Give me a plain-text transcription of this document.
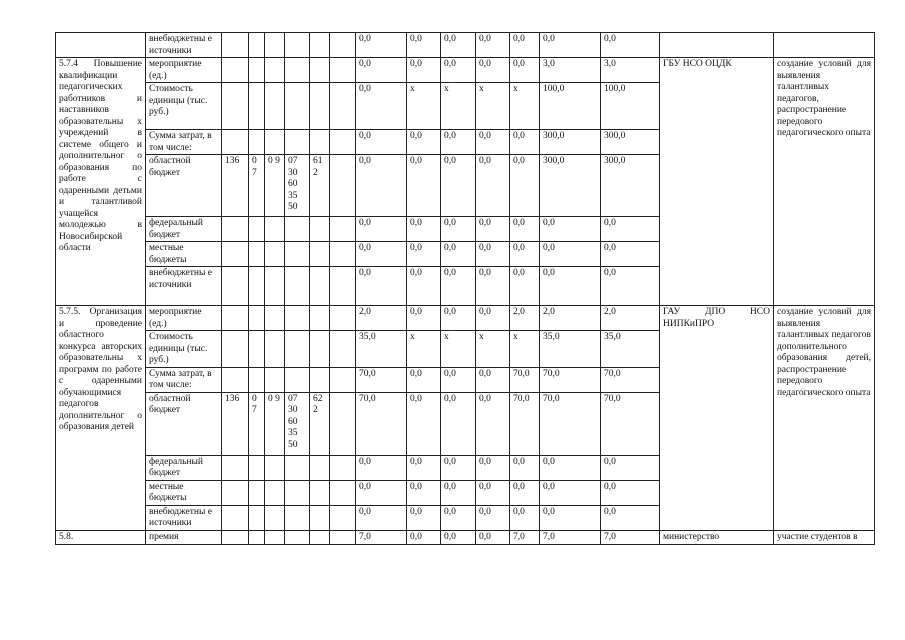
	внебюджетны е источники							0,0	0,0	0,0	0,0	0,0	0,0	0,0		
5.7.4 Повышение квалификации педагогических работников и наставников образовательны х учреждений в системе общего и дополнительног о образования по работе с одаренными детьми и талантливой учащейся молодежью в Новосибирской области	мероприятие (ед.)							0,0	0,0	0,0	0,0	0,0	3,0	3,0	ГБУ НСО ОЦДК	создание условий для выявления талантливых педагогов, распространение передового педагогического опыта
	Стоимость единицы (тыс. руб.)							0,0	х	х	х	х	100,0	100,0		
	Сумма затрат, в том числе:							0,0	0,0	0,0	0,0	0,0	300,0	300,0		
	областной бюджет	136	0 7	0 9	07 30 60 35 50	61 2		0,0	0,0	0,0	0,0	0,0	300,0	300,0		
	федеральный бюджет							0,0	0,0	0,0	0,0	0,0	0,0	0,0		
	местные бюджеты							0,0	0,0	0,0	0,0	0,0	0,0	0,0		
	внебюджетны е источники							0,0	0,0	0,0	0,0	0,0	0,0	0,0		
5.7.5. Организация и проведение областного конкурса авторских образовательны х программ по работе с одаренными обучающимися педагогов дополнительног о образования детей	мероприятие (ед.)							2,0	0,0	0,0	0,0	2,0	2,0	2,0	ГАУ ДПО НСО НИПКиПРО	создание условий для выявления талантливых педагогов дополнительного образования детей, распространение передового педагогического опыта
	Стоимость единицы (тыс. руб.)							35,0	х	х	х	х	35,0	35,0		
	Сумма затрат, в том числе:							70,0	0,0	0,0	0,0	70,0	70,0	70,0		
	областной бюджет	136	0 7	0 9	07 30 60 35 50	62 2		70,0	0,0	0,0	0,0	70,0	70,0	70,0		
	федеральный бюджет							0,0	0,0	0,0	0,0	0,0	0,0	0,0		
	местные бюджеты							0,0	0,0	0,0	0,0	0,0	0,0	0,0		
	внебюджетны е источники							0,0	0,0	0,0	0,0	0,0	0,0	0,0		
5.8.	премия							7,0	0,0	0,0	0,0	7,0	7,0	7,0	министерство	участие студентов в
